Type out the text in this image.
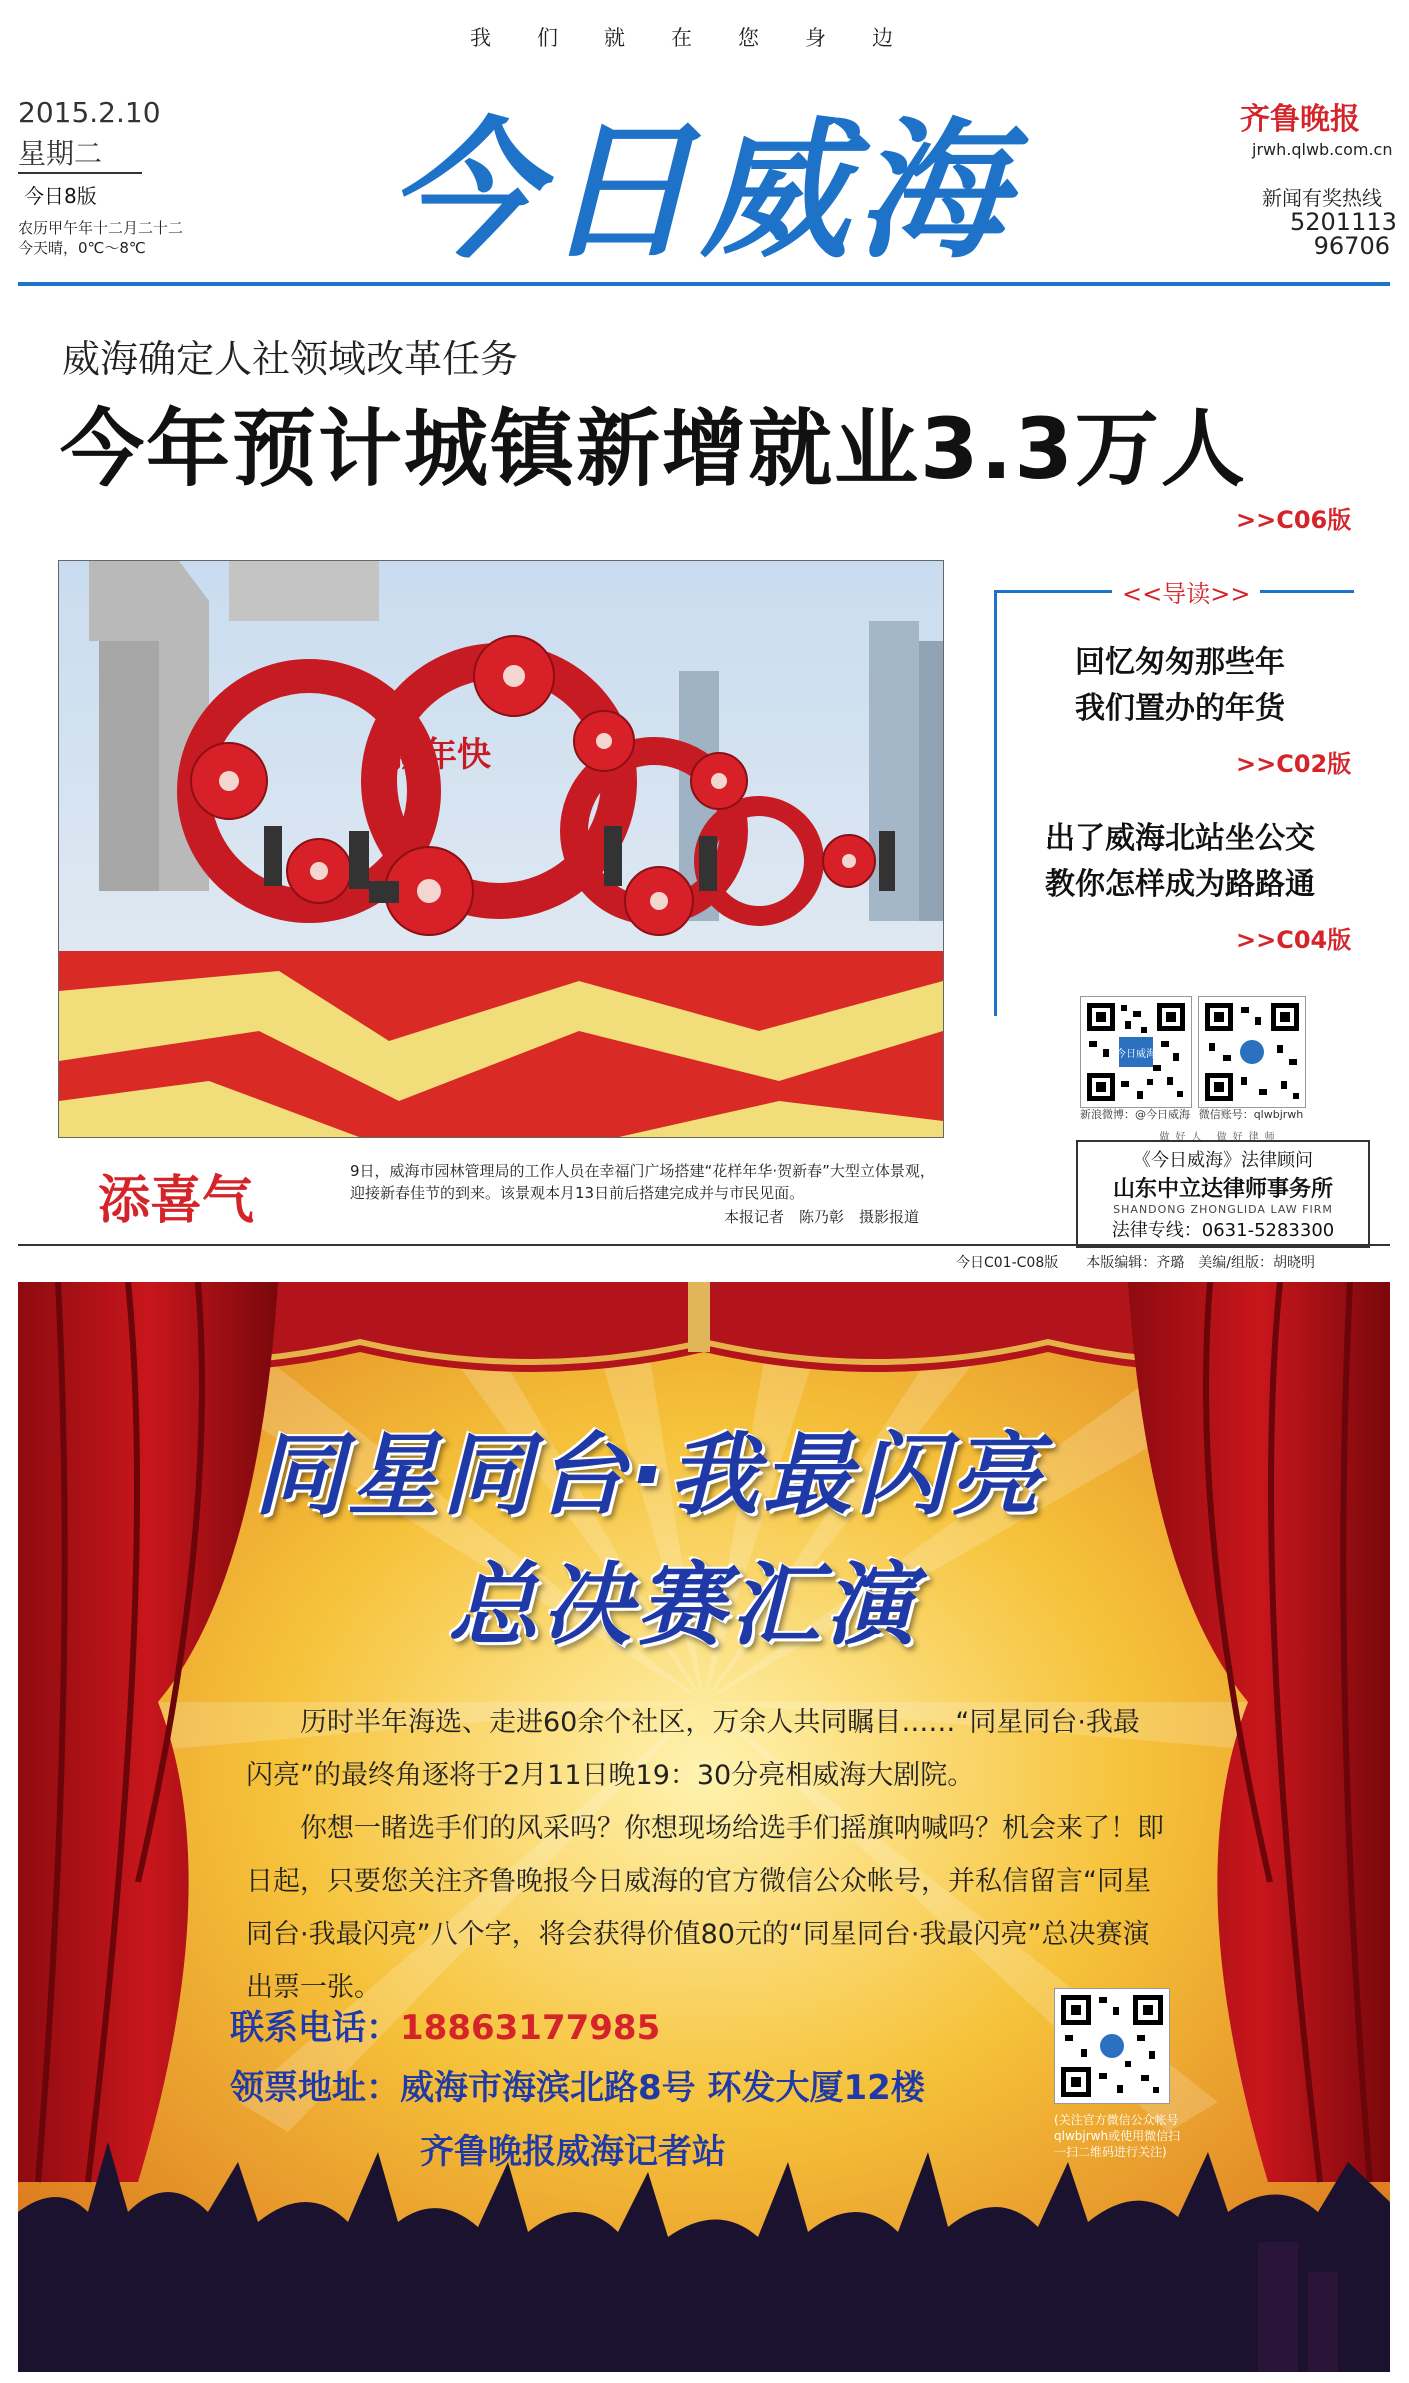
我们就在您身边
2015.2.10
星期二
今日8版
农历甲午年十二月二十二
今天晴，0℃～8℃	今日威海	齐鲁晚报
jrwh.qlwb.com.cn
新闻有奖热线
5201113
96706
威海确定人社领域改革任务
今年预计城镇新增就业3.3万人
>>C06版
新年快
添喜气	9日，威海市园林管理局的工作人员在幸福门广场搭建“花样年华·贺新春”大型立体景观，迎接新春佳节的到来。该景观本月13日前后搭建完成并与市民见面。
本报记者　陈乃彰　摄影报道
<<导读>>
回忆匆匆那些年
我们置办的年货
>>C02版
出了威海北站坐公交
教你怎样成为路路通
>>C04版
今日威海
新浪微博：@今日威海 微信账号：qlwbjrwh
做好人 做好律师
《今日威海》法律顾问
山东中立达律师事务所
SHANDONG ZHONGLIDA LAW FIRM
法律专线：0631-5283300
今日C01-C08版　　本版编辑：齐璐　美编/组版：胡晓明
同星同台·我最闪亮
总决赛汇演
历时半年海选、走进60余个社区，万余人共同瞩目……“同星同台·我最闪亮”的最终角逐将于2月11日晚19：30分亮相威海大剧院。
你想一睹选手们的风采吗？你想现场给选手们摇旗呐喊吗？机会来了！即日起，只要您关注齐鲁晚报今日威海的官方微信公众帐号，并私信留言“同星同台·我最闪亮”八个字，将会获得价值80元的“同星同台·我最闪亮”总决赛演出票一张。
联系电话：18863177985
领票地址：威海市海滨北路8号 环发大厦12楼
齐鲁晚报威海记者站
(关注官方微信公众帐号qlwbjrwh或使用微信扫一扫二维码进行关注)
